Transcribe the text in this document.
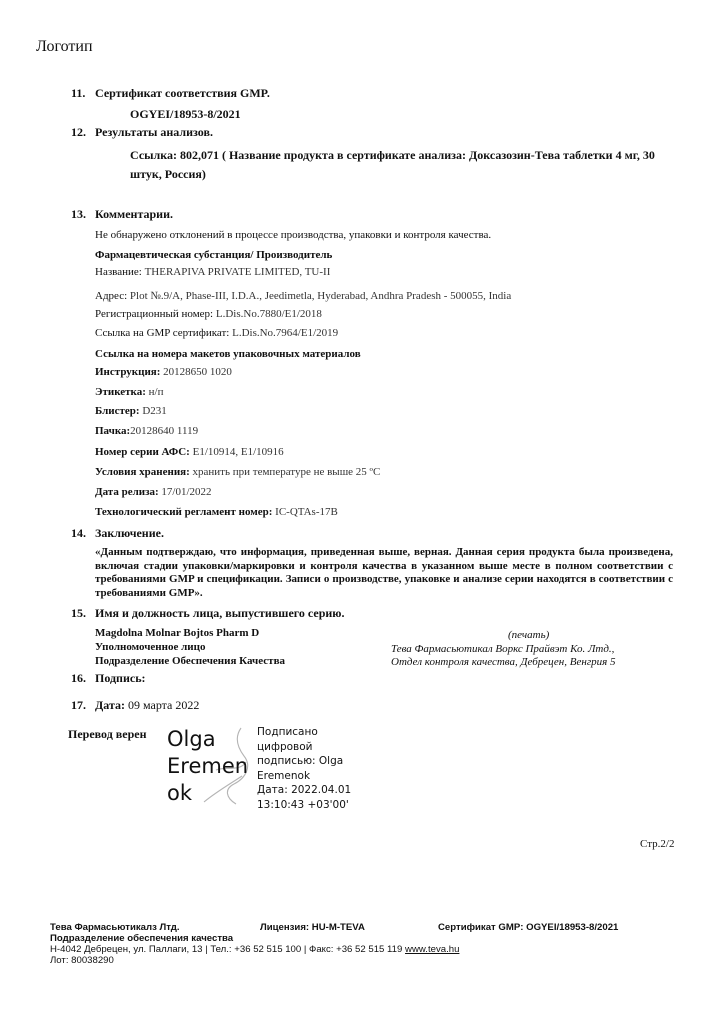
Логотип
11. Сертификат соответствия GMP.
OGYEI/18953-8/2021
12. Результаты анализов.
Ссылка: 802,071 ( Название продукта в сертификате анализа: Доксазозин-Тева таблетки 4 мг, 30
штук, Россия)
13. Комментарии.
Не обнаружено отклонений в процессе производства, упаковки и контроля качества.
Фармацевтическая субстанция/ Производитель
Название: THERAPIVA PRIVATE LIMITED, TU-II
Адрес: Plot №.9/A, Phase-III, I.D.A., Jeedimetla, Hyderabad, Andhra Pradesh - 500055, India
Регистрационный номер: L.Dis.No.7880/E1/2018
Ссылка на GMP сертификат: L.Dis.No.7964/E1/2019
Ссылка на номера макетов упаковочных материалов
Инструкция: 20128650 1020
Этикетка: н/п
Блистер: D231
Пачка:20128640 1119
Номер серии АФС: E1/10914, E1/10916
Условия хранения: хранить при температуре не выше 25 ºС
Дата релиза: 17/01/2022
Технологический регламент номер: IC-QTAs-17B
14. Заключение.
«Данным подтверждаю, что информация, приведенная выше, верная. Данная серия продукта была произведена, включая стадии упаковки/маркировки и контроля качества в указанном выше месте в полном соответствии с требованиями GMP и спецификации. Записи о производстве, упаковке и анализе серии находятся в соответствии с требованиями GMP».
15. Имя и должность лица, выпустившего серию.
Magdolna Molnar Bojtos Pharm D
Уполномоченное лицо
Подразделение Обеспечения Качества
(печать)
Тева Фармасьютикал Воркс Прайвэт Ко. Лтд.,
Отдел контроля качества, Дебрецен, Венгрия 5
16. Подпись:
17. Дата: 09 марта 2022
Перевод верен Olga
Eremen
ok
Подписано
цифровой
подписью: Olga
Eremenok
Дата: 2022.04.01
13:10:43 +03'00'
Стр.2/2
Тева Фармасьютикалз Лтд.	Лицензия: HU-M-TEVA	Сертификат GMP: OGYEI/18953-8/2021
Подразделение обеспечения качества
H-4042 Дебрецен, ул. Паллаги, 13 | Тел.: +36 52 515 100 | Факс: +36 52 515 119 www.teva.hu
Лот: 80038290
